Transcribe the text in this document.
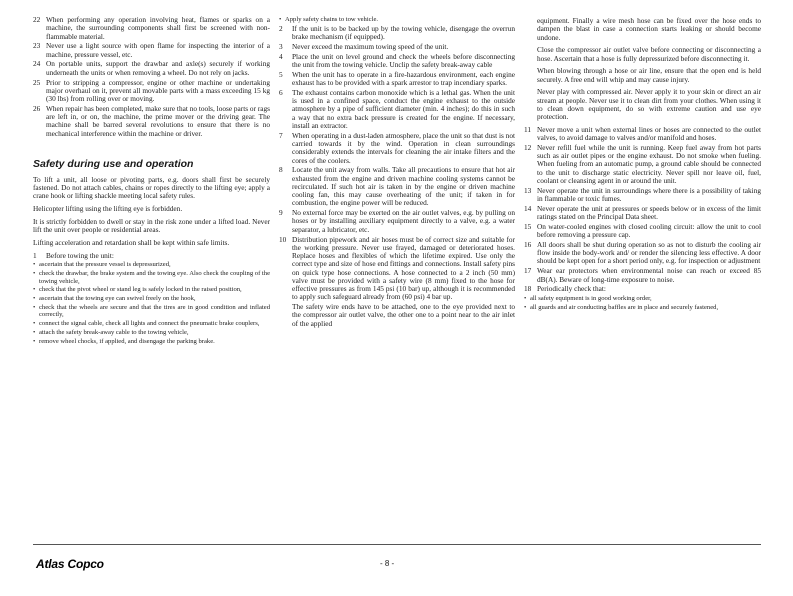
22 When performing any operation involving heat, flames or sparks on a machine, the surrounding components shall first be screened with non-flammable material.
23 Never use a light source with open flame for inspecting the interior of a machine, pressure vessel, etc.
24 On portable units, support the drawbar and axle(s) securely if working underneath the units or when removing a wheel. Do not rely on jacks.
25 Prior to stripping a compressor, engine or other machine or undertaking major overhaul on it, prevent all movable parts with a mass exceeding 15 kg (30 lbs) from rolling over or moving.
26 When repair has been completed, make sure that no tools, loose parts or rags are left in, or on, the machine, the prime mover or the driving gear. The machine shall be barred several revolutions to ensure that there is no mechanical interference within the machine or driver.
Safety during use and operation

To lift a unit, all loose or pivoting parts, e.g. doors shall first be securely fastened. Do not attach cables, chains or ropes directly to the lifting eye; apply a crane hook or lifting shackle meeting local safety rules.

Helicopter lifting using the lifting eye is forbidden.

It is strictly forbidden to dwell or stay in the risk zone under a lifted load. Never lift the unit over people or residential areas.

Lifting acceleration and retardation shall be kept within safe limits.

1	Before towing the unit:
• ascertain that the pressure vessel is depressurized,
• check the drawbar, the brake system and the towing eye. Also check the coupling of the towing vehicle,
• check that the pivot wheel or stand leg is safely locked in the raised position,
• ascertain that the towing eye can swivel freely on the hook,
• check that the wheels are secure and that the tires are in good condition and inflated correctly,
• connect the signal cable, check all lights and connect the pneumatic brake couplers,
• attach the safety break-away cable to the towing vehicle,
• remove wheel chocks, if applied, and disengage the parking brake.
• Apply safety chains to tow vehicle.
2	If the unit is to be backed up by the towing vehicle, disengage the overrun brake mechanism (if equipped).
3	Never exceed the maximum towing speed of the unit.
4	Place the unit on level ground and check the wheels before disconnecting the unit from the towing vehicle. Unclip the safety break-away cable
5	When the unit has to operate in a fire-hazardous environment, each engine exhaust has to be provided with a spark arrestor to trap incendiary sparks.
6	The exhaust contains carbon monoxide which is a lethal gas. When the unit is used in a confined space, conduct the engine exhaust to the outside atmosphere by a pipe of sufficient diameter (min. 4 inches); do this in such a way that no extra back pressure is created for the engine. If necessary, install an extractor.
7	When operating in a dust-laden atmosphere, place the unit so that dust is not carried towards it by the wind. Operation in clean surroundings considerably extends the intervals for cleaning the air intake filters and the cores of the coolers.
8	Locate the unit away from walls. Take all precautions to ensure that hot air exhausted from the engine and driven machine cooling systems cannot be recirculated. If such hot air is taken in by the engine or driven machine cooling fan, this may cause overheating of the unit; if taken in for combustion, the engine power will be reduced.
9	No external force may be exerted on the air outlet valves, e.g. by pulling on hoses or by installing auxiliary equipment directly to a valve, e.g. a water separator, a lubricator, etc.
10 Distribution pipework and air hoses must be of correct size and suitable for the working pressure. Never use frayed, damaged or deteriorated hoses. Replace hoses and flexibles of which the lifetime expired. Use only the correct type and size of hose end fittings and connections. Install safety pins on quick type hose connections. A hose connected to a 2 inch (50 mm) valve must be provided with a safety wire (8 mm) fixed to the hose for effective pressures as from 145 psi (10 bar) up, although it is recommended to apply such safeguard already from (60 psi) 4 bar up.

The safety wire ends have to be attached, one to the eye provided next to the compressor air outlet valve, the other one to a point near to the air inlet of the applied

equipment. Finally a wire mesh hose can be fixed over the hose ends to dampen the blast in case a connection starts leaking or should become undone.

Close the compressor air outlet valve before connecting or disconnecting a hose. Ascertain that a hose is fully depressurized before disconnecting it.

When blowing through a hose or air line, ensure that the open end is held securely. A free end will whip and may cause injury.

Never play with compressed air. Never apply it to your skin or direct an air stream at people. Never use it to clean dirt from your clothes. When using it to clean down equipment, do so with extreme caution and use eye protection.

11 Never move a unit when external lines or hoses are connected to the outlet valves, to avoid damage to valves and/or manifold and hoses.
12 Never refill fuel while the unit is running. Keep fuel away from hot parts such as air outlet pipes or the engine exhaust. Do not smoke when fueling. When fueling from an automatic pump, a ground cable should be connected to the unit to discharge static electricity. Never spill nor leave oil, fuel, coolant or cleansing agent in or around the unit.
13 Never operate the unit in surroundings where there is a possibility of taking in flammable or toxic fumes.
14 Never operate the unit at pressures or speeds below or in excess of the limit ratings stated on the Principal Data sheet.
15 On water-cooled engines with closed cooling circuit: allow the unit to cool before removing a pressure cap.
16 All doors shall be shut during operation so as not to disturb the cooling air flow inside the body-work and/ or render the silencing less effective. A door should be kept open for a short period only, e.g. for inspection or adjustment
17 Wear ear protectors when environmental noise can reach or exceed 85 dB(A). Beware of long-time exposure to noise.
18 Periodically check that:
• all safety equipment is in good working order,
• all guards and air conducting baffles are in place and securely fastened,
Atlas Copco	- 8 -
